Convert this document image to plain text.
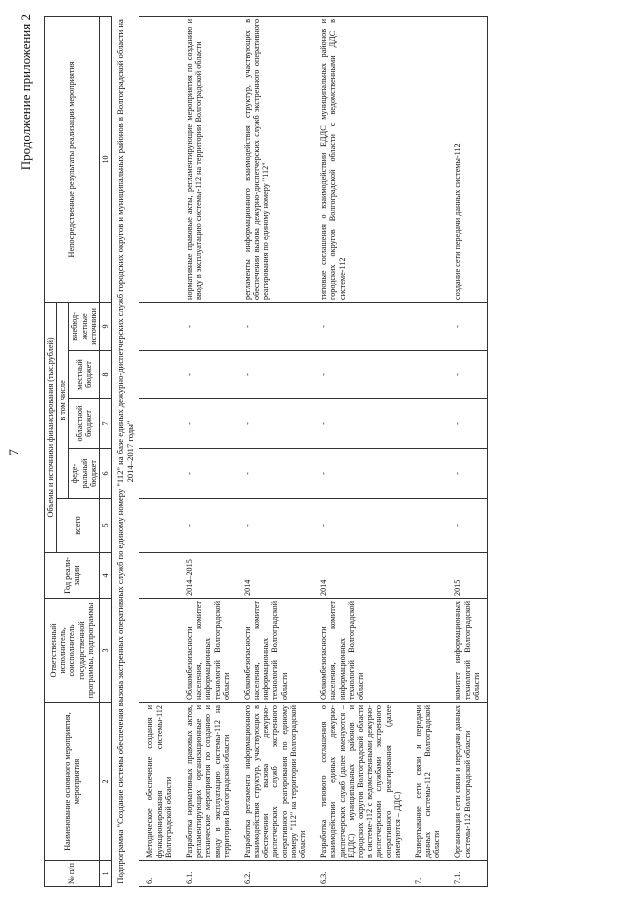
7
Продолжение приложения 2
№ п/п	Наименование основного мероприятия, мероприятия	Ответственный исполнитель, соисполнитель государственной программы, подпрограммы	Год реали-зации	Объемы и источники финансирования (тыс.рублей)					Непосредственные результаты реализации мероприятия
				всего	в том числе				
					феде-ральный бюджет	областной бюджет	местный бюджет	внебюд-жетные источники	
1	2	3	4	5	6	7	8	9	10
Подпрограмма "Создание системы обеспечения вызова экстренных оперативных служб по единому номеру "112" на базе единых дежурно-диспетчерских служб городских округов и муниципальных районов в Волгоградской области на 2014–2017 годы"									
6.	Методическое обеспечение создания и функционирования системы-112 Волгоградской области								
6.1.	Разработка нормативных правовых актов, регламентирующих организационные и технические мероприятия по созданию и вводу в эксплуатацию системы-112 на территории Волгоградской области	Облкомбезопасности населения, комитет информационных технологий Волгоградской области	2014–2015	-	-	-	-	-	нормативные правовые акты, регламентирующие мероприятия по созданию и вводу в эксплуатацию системы-112 на территории Волгоградской области
6.2.	Разработка регламента информационного взаимодействия структур, участвующих в обеспечении вызова дежурно-диспетчерских служб экстренного оперативного реагирования по единому номеру "112" на территории Волгоградской области	Облкомбезопасности населения, комитет информационных технологий Волгоградской области	2014	-	-	-	-	-	регламенты информационного взаимодействия структур, участвующих в обеспечении вызова дежурно-диспетчерских служб экстренного оперативного реагирования по единому номеру "112"
6.3.	Разработка типового соглашения о взаимодействии единых дежурно-диспетчерских служб (далее именуются – ЕДДС) муниципальных районов и городских округов Волгоградской области в системе-112 с ведомственными дежурно-диспетчерскими службами экстренного оперативного реагирования (далее именуются – ДДС)	Облкомбезопасности населения, комитет информационных технологий Волгоградской области	2014	-	-	-	-	-	типовые соглашения о взаимодействии ЕДДС муниципальных районов и городских округов Волгоградской области с ведомственными ДДС в системе-112
7.	Развертывание сети связи и передачи данных системы-112 Волгоградской области								
7.1.	Организация сети связи и передачи данных системы-112 Волгоградской области	комитет информационных технологий Волгоградской области	2015	-	-	-	-	-	создание сети передачи данных системы-112
